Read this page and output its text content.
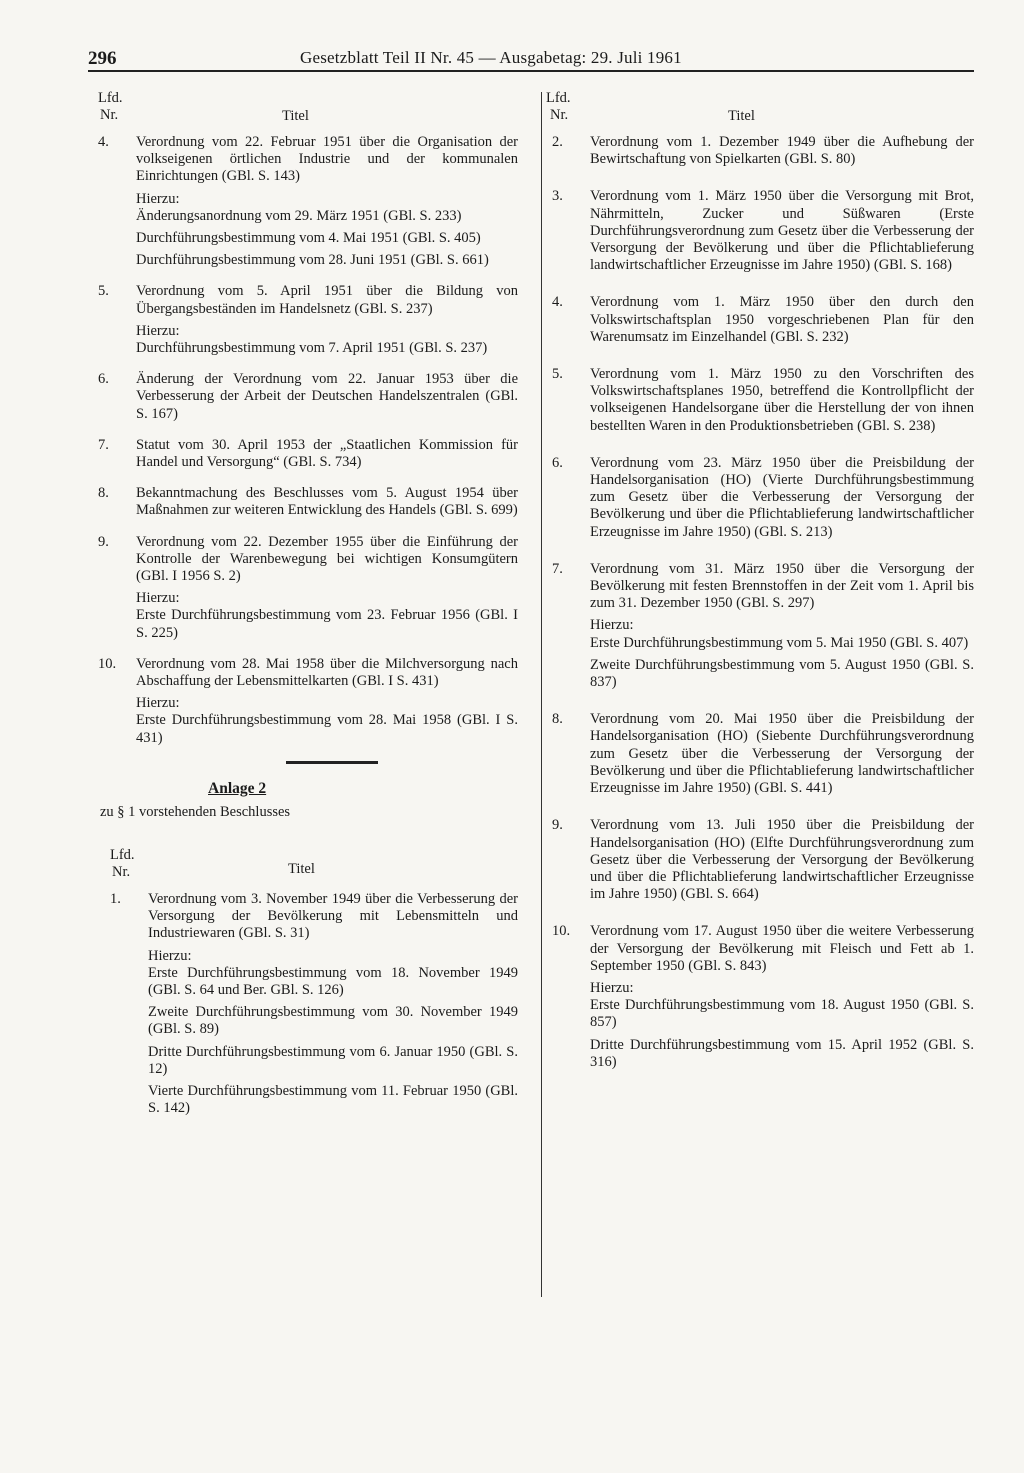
296	Gesetzblatt Teil II Nr. 45 — Ausgabetag: 29. Juli 1961
Lfd.
Nr.	Titel
4. Verordnung vom 22. Februar 1951 über die Organisation der volkseigenen örtlichen Industrie und der kommunalen Einrichtungen (GBl. S. 143)

Hierzu:

Änderungsanordnung vom 29. März 1951 (GBl. S. 233)

Durchführungsbestimmung vom 4. Mai 1951 (GBl. S. 405)

Durchführungsbestimmung vom 28. Juni 1951 (GBl. S. 661)

5. Verordnung vom 5. April 1951 über die Bildung von Übergangsbeständen im Handelsnetz (GBl. S. 237)

Hierzu:

Durchführungsbestimmung vom 7. April 1951 (GBl. S. 237)

6. Änderung der Verordnung vom 22. Januar 1953 über die Verbesserung der Arbeit der Deutschen Handelszentralen (GBl. S. 167)

7. Statut vom 30. April 1953 der „Staatlichen Kommission für Handel und Versorgung“ (GBl. S. 734)

8. Bekanntmachung des Beschlusses vom 5. August 1954 über Maßnahmen zur weiteren Entwicklung des Handels (GBl. S. 699)

9. Verordnung vom 22. Dezember 1955 über die Einführung der Kontrolle der Warenbewegung bei wichtigen Konsumgütern (GBl. I 1956 S. 2)

Hierzu:

Erste Durchführungsbestimmung vom 23. Februar 1956 (GBl. I S. 225)

10. Verordnung vom 28. Mai 1958 über die Milchversorgung nach Abschaffung der Lebensmittelkarten (GBl. I S. 431)

Hierzu:

Erste Durchführungsbestimmung vom 28. Mai 1958 (GBl. I S. 431)

Anlage 2
zu § 1 vorstehenden Beschlusses
Lfd.
Nr.	Titel
1. Verordnung vom 3. November 1949 über die Verbesserung der Versorgung der Bevölkerung mit Lebensmitteln und Industriewaren (GBl. S. 31)

Hierzu:

Erste Durchführungsbestimmung vom 18. November 1949 (GBl. S. 64 und Ber. GBl. S. 126)

Zweite Durchführungsbestimmung vom 30. November 1949 (GBl. S. 89)

Dritte Durchführungsbestimmung vom 6. Januar 1950 (GBl. S. 12)

Vierte Durchführungsbestimmung vom 11. Februar 1950 (GBl. S. 142)

Lfd.
Nr.	Titel
2. Verordnung vom 1. Dezember 1949 über die Aufhebung der Bewirtschaftung von Spielkarten (GBl. S. 80)

3. Verordnung vom 1. März 1950 über die Versorgung mit Brot, Nährmitteln, Zucker und Süßwaren (Erste Durchführungsverordnung zum Gesetz über die Verbesserung der Versorgung der Bevölkerung und über die Pflichtablieferung landwirtschaftlicher Erzeugnisse im Jahre 1950) (GBl. S. 168)

4. Verordnung vom 1. März 1950 über den durch den Volkswirtschaftsplan 1950 vorgeschriebenen Plan für den Warenumsatz im Einzelhandel (GBl. S. 232)

5. Verordnung vom 1. März 1950 zu den Vorschriften des Volkswirtschaftsplanes 1950, betreffend die Kontrollpflicht der volkseigenen Handelsorgane über die Herstellung der von ihnen bestellten Waren in den Produktionsbetrieben (GBl. S. 238)

6. Verordnung vom 23. März 1950 über die Preisbildung der Handelsorganisation (HO) (Vierte Durchführungsbestimmung zum Gesetz über die Verbesserung der Versorgung der Bevölkerung und über die Pflichtablieferung landwirtschaftlicher Erzeugnisse im Jahre 1950) (GBl. S. 213)

7. Verordnung vom 31. März 1950 über die Versorgung der Bevölkerung mit festen Brennstoffen in der Zeit vom 1. April bis zum 31. Dezember 1950 (GBl. S. 297)

Hierzu:

Erste Durchführungsbestimmung vom 5. Mai 1950 (GBl. S. 407)

Zweite Durchführungsbestimmung vom 5. August 1950 (GBl. S. 837)

8. Verordnung vom 20. Mai 1950 über die Preisbildung der Handelsorganisation (HO) (Siebente Durchführungsverordnung zum Gesetz über die Verbesserung der Versorgung der Bevölkerung und über die Pflichtablieferung landwirtschaftlicher Erzeugnisse im Jahre 1950) (GBl. S. 441)

9. Verordnung vom 13. Juli 1950 über die Preisbildung der Handelsorganisation (HO) (Elfte Durchführungsverordnung zum Gesetz über die Verbesserung der Versorgung der Bevölkerung und über die Pflichtablieferung landwirtschaftlicher Erzeugnisse im Jahre 1950) (GBl. S. 664)

10. Verordnung vom 17. August 1950 über die weitere Verbesserung der Versorgung der Bevölkerung mit Fleisch und Fett ab 1. September 1950 (GBl. S. 843)

Hierzu:

Erste Durchführungsbestimmung vom 18. August 1950 (GBl. S. 857)

Dritte Durchführungsbestimmung vom 15. April 1952 (GBl. S. 316)
